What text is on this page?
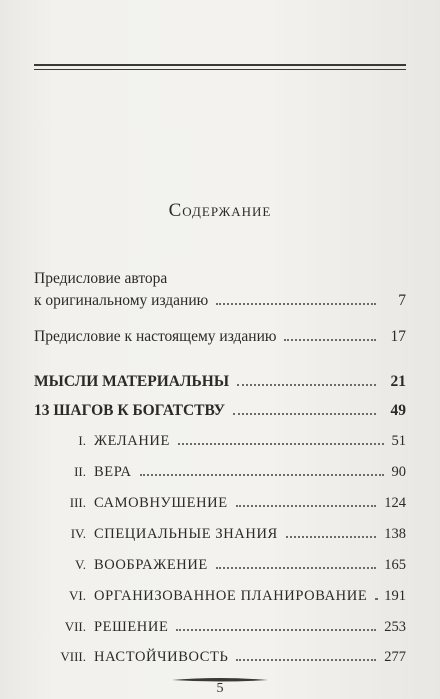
Содержание
Предисловие автора
к оригинальному изданию	7
Предисловие к настоящему изданию	17
МЫСЛИ МАТЕРИАЛЬНЫ	21
13 ШАГОВ К БОГАТСТВУ	49
I. ЖЕЛАНИЕ	51
II. ВЕРА	90
III. САМОВНУШЕНИЕ	124
IV. СПЕЦИАЛЬНЫЕ ЗНАНИЯ	138
V. ВООБРАЖЕНИЕ	165
VI. ОРГАНИЗОВАННОЕ ПЛАНИРОВАНИЕ 191
VII. РЕШЕНИЕ	253
VIII. НАСТОЙЧИВОСТЬ	277
5
